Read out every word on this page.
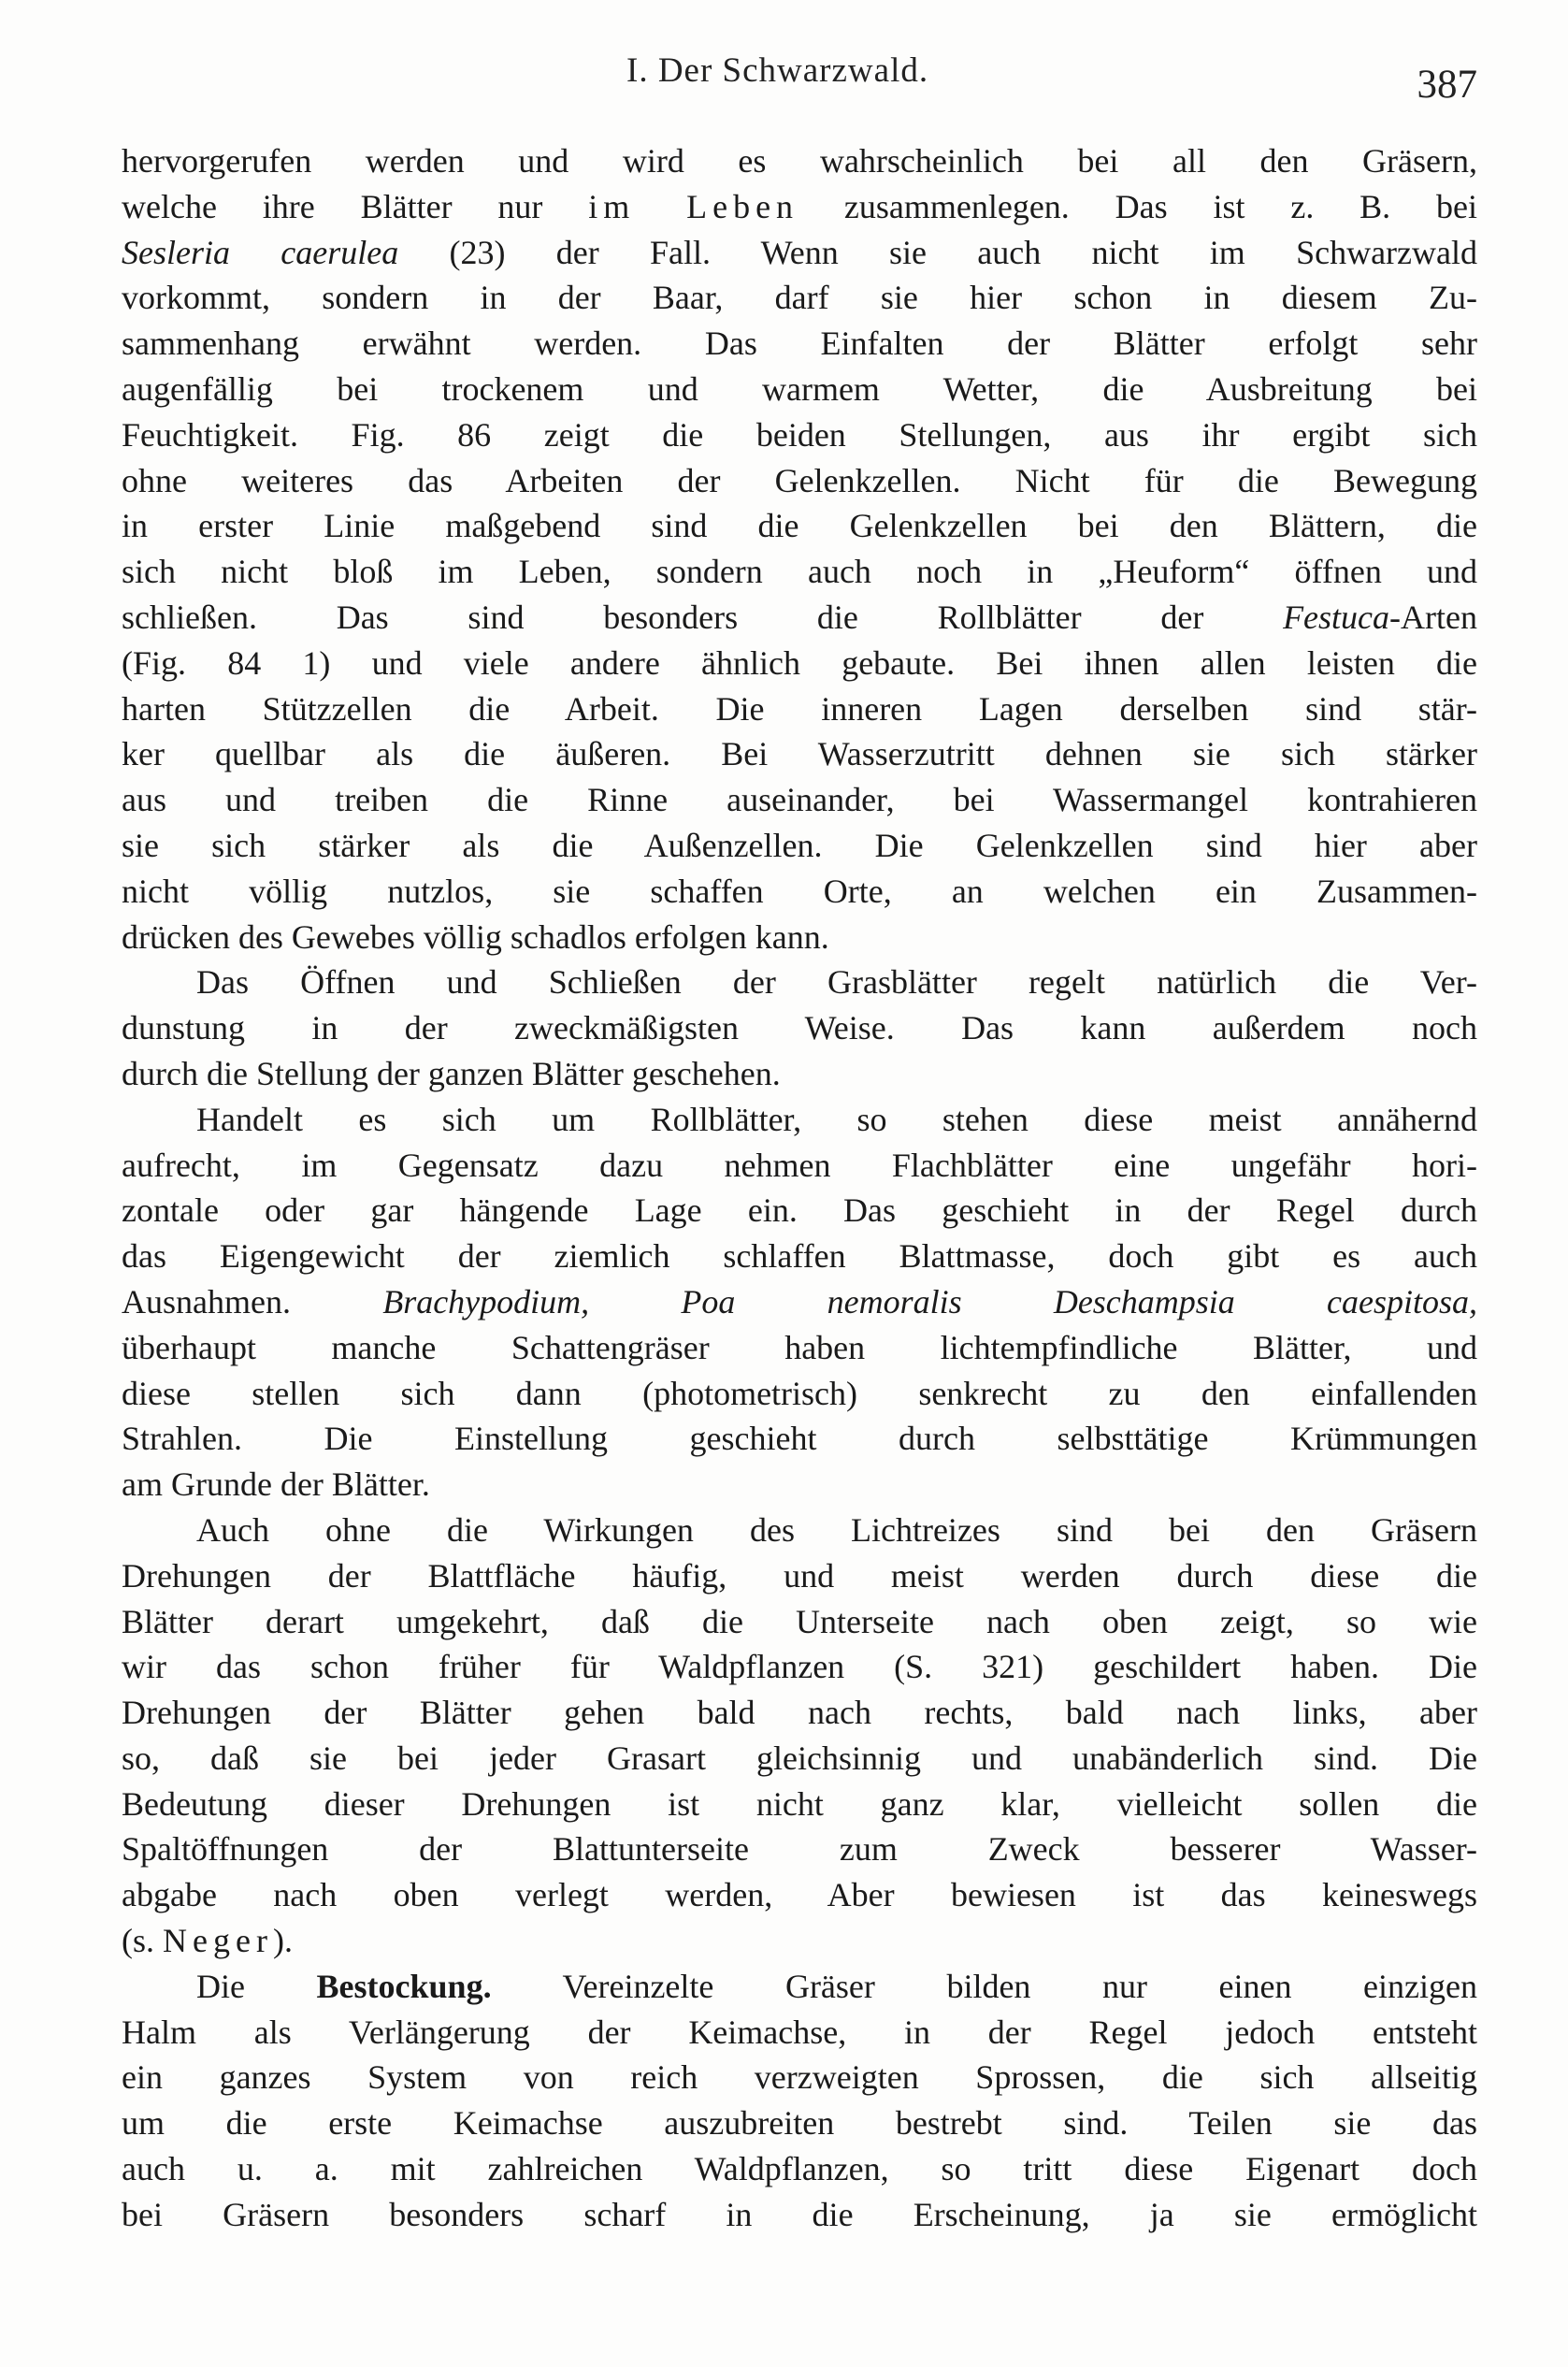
I. Der Schwarzwald.	387
hervorgerufen werden und wird es wahrscheinlich bei all den Gräsern,
welche ihre Blätter nur im Leben zusammenlegen. Das ist z. B. bei
Sesleria caerulea (23) der Fall. Wenn sie auch nicht im Schwarzwald
vorkommt, sondern in der Baar, darf sie hier schon in diesem Zu-
sammenhang erwähnt werden. Das Einfalten der Blätter erfolgt sehr
augenfällig bei trockenem und warmem Wetter, die Ausbreitung bei
Feuchtigkeit. Fig. 86 zeigt die beiden Stellungen, aus ihr ergibt sich
ohne weiteres das Arbeiten der Gelenkzellen. Nicht für die Bewegung
in erster Linie maßgebend sind die Gelenkzellen bei den Blättern, die
sich nicht bloß im Leben, sondern auch noch in „Heuform“ öffnen und
schließen. Das sind besonders die Rollblätter der Festuca-Arten
(Fig. 84 1) und viele andere ähnlich gebaute. Bei ihnen allen leisten die
harten Stützzellen die Arbeit. Die inneren Lagen derselben sind stär-
ker quellbar als die äußeren. Bei Wasserzutritt dehnen sie sich stärker
aus und treiben die Rinne auseinander, bei Wassermangel kontrahieren
sie sich stärker als die Außenzellen. Die Gelenkzellen sind hier aber
nicht völlig nutzlos, sie schaffen Orte, an welchen ein Zusammen-
drücken des Gewebes völlig schadlos erfolgen kann.
Das Öffnen und Schließen der Grasblätter regelt natürlich die Ver-
dunstung in der zweckmäßigsten Weise. Das kann außerdem noch
durch die Stellung der ganzen Blätter geschehen.
Handelt es sich um Rollblätter, so stehen diese meist annähernd
aufrecht, im Gegensatz dazu nehmen Flachblätter eine ungefähr hori-
zontale oder gar hängende Lage ein. Das geschieht in der Regel durch
das Eigengewicht der ziemlich schlaffen Blattmasse, doch gibt es auch
Ausnahmen. Brachypodium, Poa nemoralis Deschampsia caespitosa,
überhaupt manche Schattengräser haben lichtempfindliche Blätter, und
diese stellen sich dann (photometrisch) senkrecht zu den einfallenden
Strahlen. Die Einstellung geschieht durch selbsttätige Krümmungen
am Grunde der Blätter.
Auch ohne die Wirkungen des Lichtreizes sind bei den Gräsern
Drehungen der Blattfläche häufig, und meist werden durch diese die
Blätter derart umgekehrt, daß die Unterseite nach oben zeigt, so wie
wir das schon früher für Waldpflanzen (S. 321) geschildert haben. Die
Drehungen der Blätter gehen bald nach rechts, bald nach links, aber
so, daß sie bei jeder Grasart gleichsinnig und unabänderlich sind. Die
Bedeutung dieser Drehungen ist nicht ganz klar, vielleicht sollen die
Spaltöffnungen der Blattunterseite zum Zweck besserer Wasser-
abgabe nach oben verlegt werden, Aber bewiesen ist das keineswegs
(s. Neger).
Die Bestockung. Vereinzelte Gräser bilden nur einen einzigen
Halm als Verlängerung der Keimachse, in der Regel jedoch entsteht
ein ganzes System von reich verzweigten Sprossen, die sich allseitig
um die erste Keimachse auszubreiten bestrebt sind. Teilen sie das
auch u. a. mit zahlreichen Waldpflanzen, so tritt diese Eigenart doch
bei Gräsern besonders scharf in die Erscheinung, ja sie ermöglicht
